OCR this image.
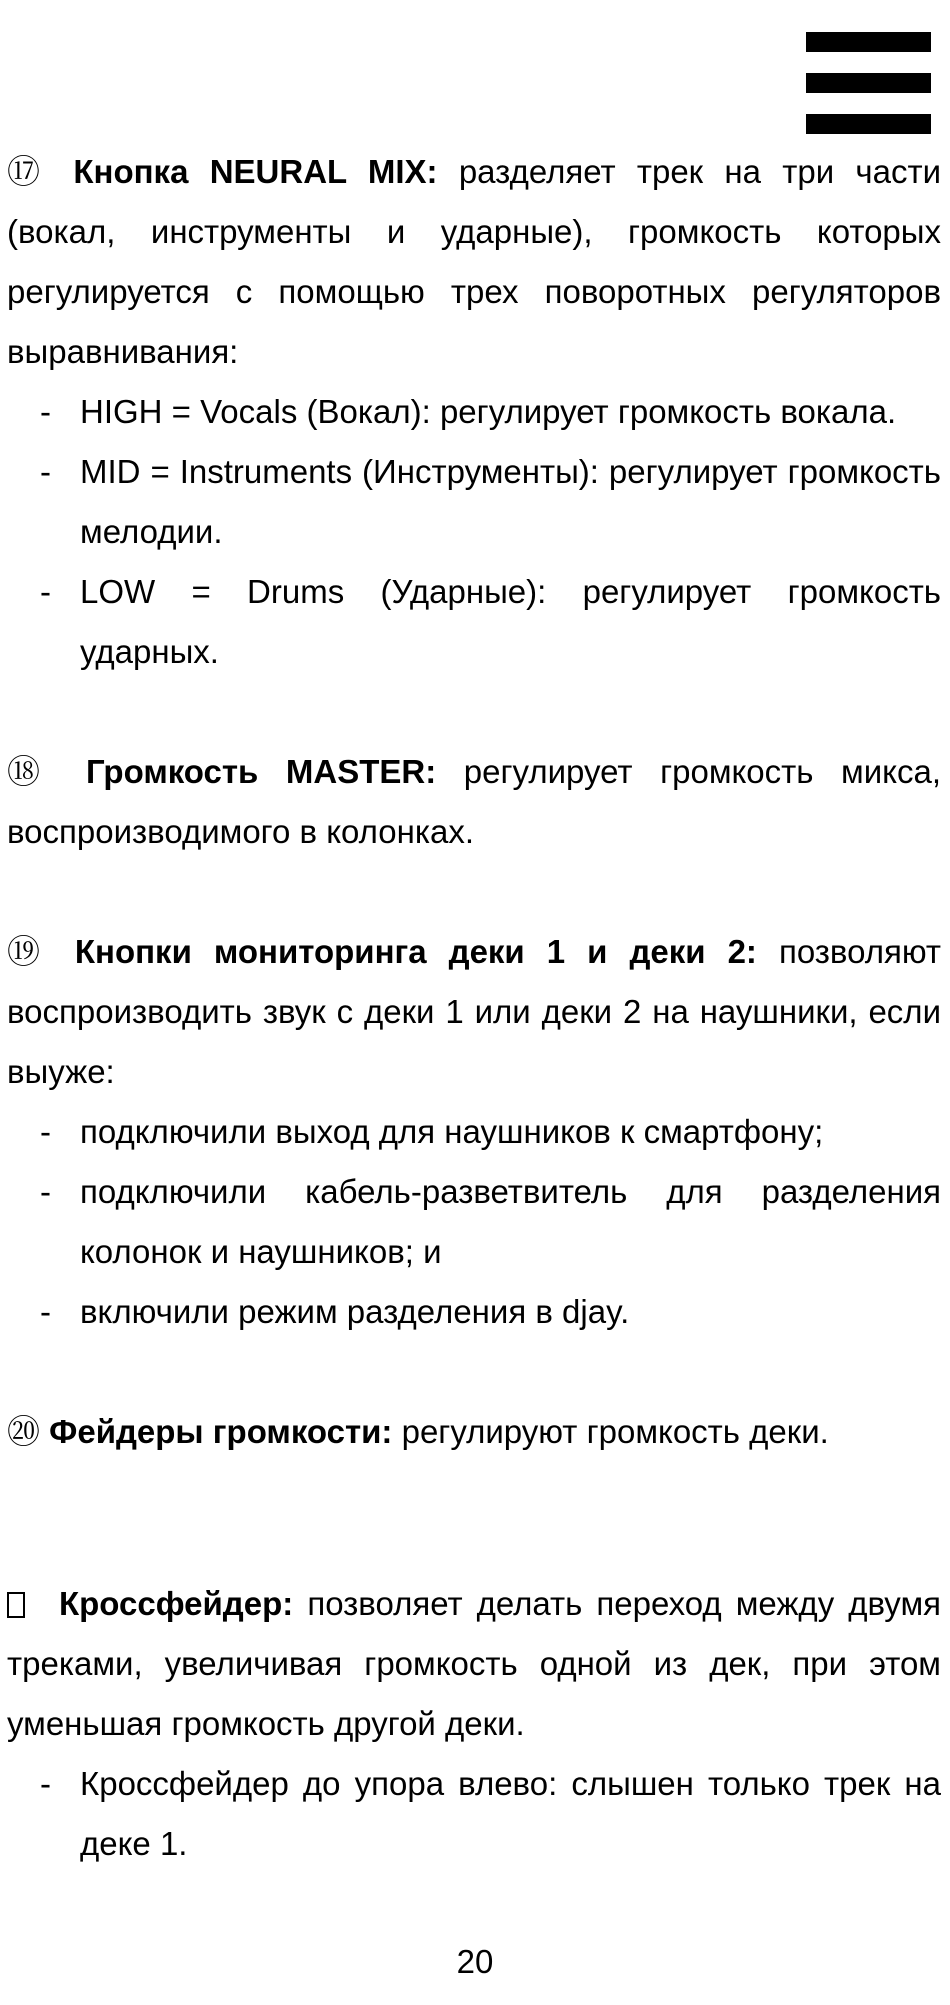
⑰ Кнопка NEURAL MIX: разделяет трек на три части (вокал, инструменты и ударные), громкость которых регулируется с помощью трех поворотных регуляторов выравнивания:

- HIGH = Vocals (Вокал): регулирует громкость вокала.
- MID = Instruments (Инструменты): регулирует громкость мелодии.
- LOW = Drums (Ударные): регулирует громкость ударных.

⑱ Громкость MASTER: регулирует громкость микса, воспроизводимого в колонках.

⑲ Кнопки мониторинга деки 1 и деки 2: позволяют воспроизводить звук с деки 1 или деки 2 на наушники, если выуже:

- подключили выход для наушников к смартфону;
- подключили кабель-разветвитель для разделения колонок и наушников; и
- включили режим разделения в djay.

⑳ Фейдеры громкости: регулируют громкость деки.

Кроссфейдер: позволяет делать переход между двумя треками, увеличивая громкость одной из дек, при этом уменьшая громкость другой деки.

- Кроссфейдер до упора влево: слышен только трек на деке 1.
20
